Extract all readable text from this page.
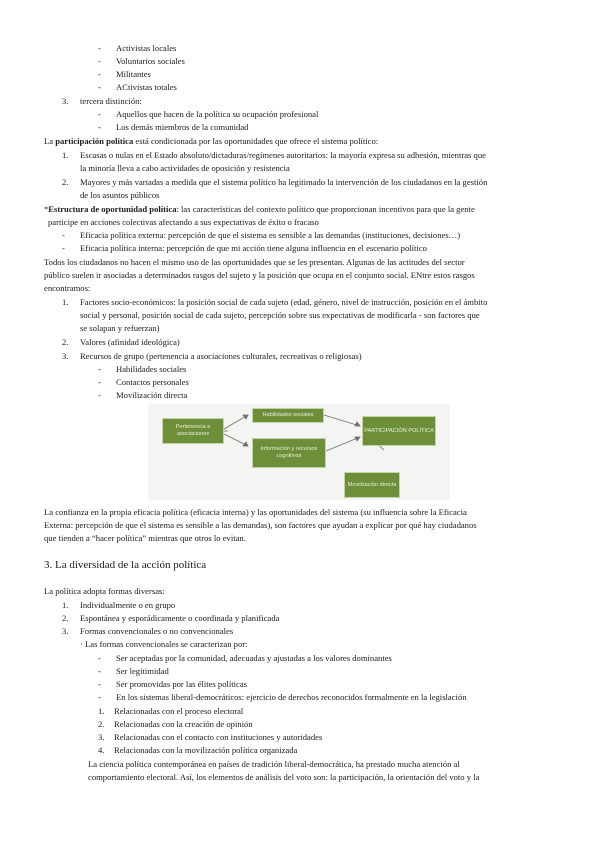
- Activistas locales
- Voluntarios sociales
- Militantes
- ACtivistas totales
3. tercera distinción:
- Aquellos que hacen de la política su ocupación profesional
- Los demás miembros de la comunidad
La participación política está condicionada por las oportunidades que ofrece el sistema político:
1. Escasas o nulas en el Estado absoluto/dictaduras/regímenes autoritarios: la mayoría expresa su adhesión, mientras que
la minoría lleva a cabo actividades de oposición y resistencia
2. Mayores y más variadas a medida que el sistema político ha legitimado la intervención de los ciudadanos en la gestión
de los asuntos públicos
*Estructura de oportunidad política: las características del contexto político que proporcionan incentivos para que la gente
participe en acciones colectivas afectando a sus expectativas de éxito o fracaso
- Eficacia política externa: percepción de que el sistema es sensible a las demandas (instituciones, decisiones…)
- Eficacia política interna: percepción de que mi acción tiene alguna influencia en el escenario político
Todos los ciudadanos no hacen el mismo uso de las oportunidades que se les presentan. Algunas de las actitudes del sector
público suelen ir asociadas a determinados rasgos del sujeto y la posición que ocupa en el conjunto social. ENtre estos rasgos
encontramos:
1. Factores socio-económicos: la posición social de cada sujeto (edad, género, nivel de instrucción, posición en el ámbito
social y personal, posición social de cada sujeto, percepción sobre sus expectativas de modificarla - son factores que
se solapan y refuerzan)
2. Valores (afinidad ideológica)
3. Recursos de grupo (pertenencia a asociaciones culturales, recreativas o religiosas)
- Habilidades sociales
- Contactos personales
- Movilización directa
Pertenencia a asociaciones
Habilidades sociales
Información y recursos cognitivos
PARTICIPACIÓN POLÍTICA
Movilización directa
La confianza en la propia eficacia política (eficacia interna) y las oportunidades del sistema (su influencia sobre la Eficacia
Externa: percepción de que el sistema es sensible a las demandas), son factores que ayudan a explicar por qué hay ciudadanos
que tienden a “hacer política” mientras que otros lo evitan.
3. La diversidad de la acción política
La política adopta formas diversas:
1. Individualmente o en grupo
2. Espontánea y esporádicamente o coordinada y planificada
3. Formas convencionales o no convencionales
· Las formas convencionales se caracterizan por:
- Ser aceptadas por la comunidad, adecuadas y ajustadas a los valores dominantes
- Ser legitimidad
- Ser promovidas por las élites políticas
- En los sistemas liberal-democráticos: ejercicio de derechos reconocidos formalmente en la legislación
1. Relacionadas con el proceso electoral
2. Relacionadas con la creación de opinión
3. Relacionadas con el contacto con instituciones y autoridades
4. Relacionadas con la movilización política organizada
La ciencia política contemporánea en países de tradición liberal-democrática, ha prestado mucha atención al
comportamiento electoral. Así, los elementos de análisis del voto son: la participación, la orientación del voto y la
